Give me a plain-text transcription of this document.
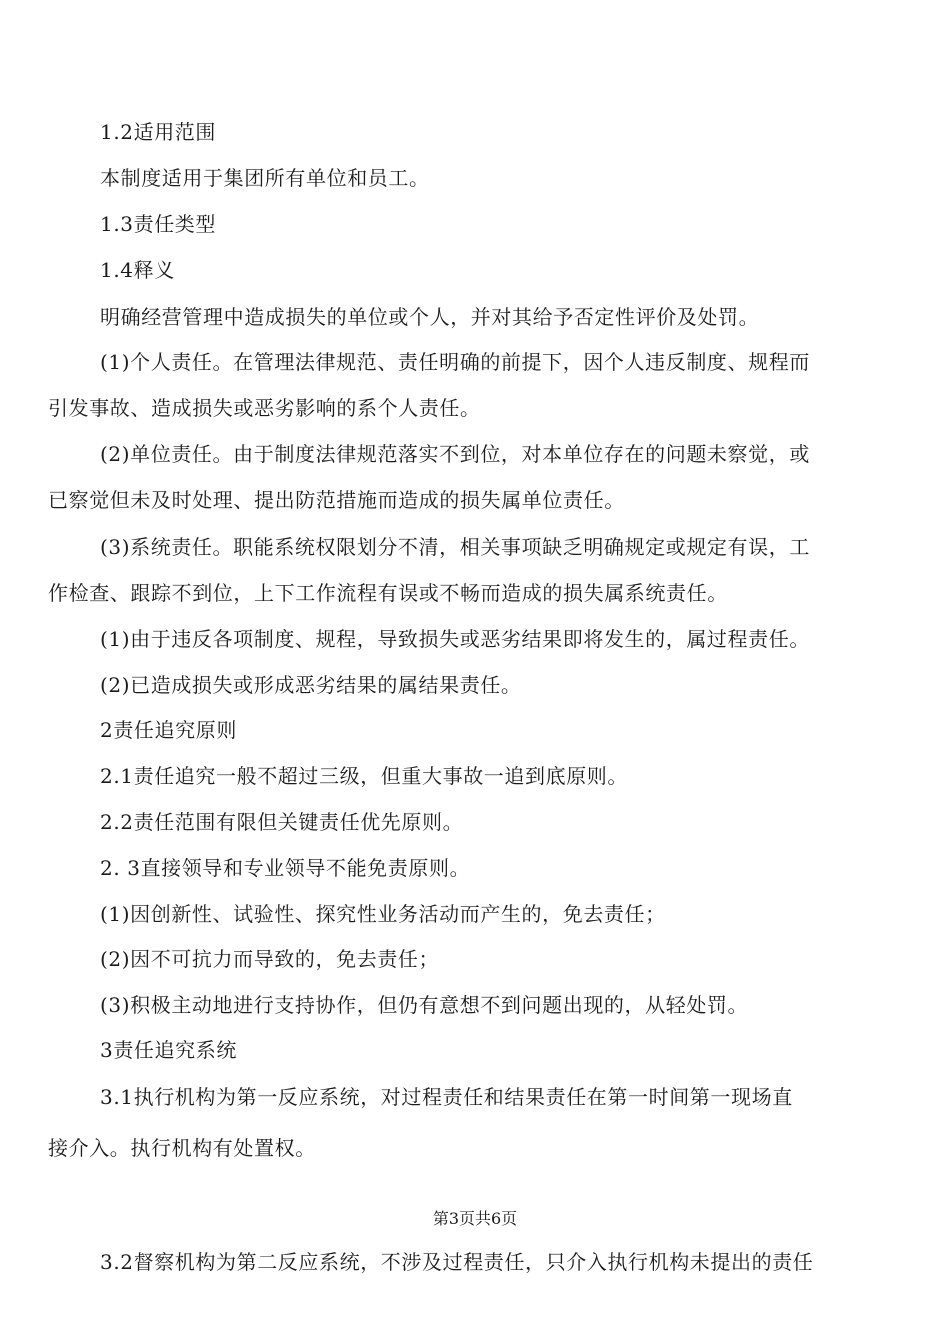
1.2适用范围
本制度适用于集团所有单位和员工。
1.3责任类型
1.4释义
明确经营管理中造成损失的单位或个人，并对其给予否定性评价及处罚。
(1)个人责任。在管理法律规范、责任明确的前提下，因个人违反制度、规程而
引发事故、造成损失或恶劣影响的系个人责任。
(2)单位责任。由于制度法律规范落实不到位，对本单位存在的问题未察觉，或
已察觉但未及时处理、提出防范措施而造成的损失属单位责任。
(3)系统责任。职能系统权限划分不清，相关事项缺乏明确规定或规定有误，工
作检查、跟踪不到位，上下工作流程有误或不畅而造成的损失属系统责任。
(1)由于违反各项制度、规程，导致损失或恶劣结果即将发生的，属过程责任。
(2)已造成损失或形成恶劣结果的属结果责任。
2责任追究原则
2.1责任追究一般不超过三级，但重大事故一追到底原则。
2.2责任范围有限但关键责任优先原则。
2. 3直接领导和专业领导不能免责原则。
(1)因创新性、试验性、探究性业务活动而产生的，免去责任；
(2)因不可抗力而导致的，免去责任；
(3)积极主动地进行支持协作，但仍有意想不到问题出现的，从轻处罚。
3责任追究系统
3.1执行机构为第一反应系统，对过程责任和结果责任在第一时间第一现场直
接介入。执行机构有处置权。
第3页共6页
3.2督察机构为第二反应系统，不涉及过程责任，只介入执行机构未提出的责任
